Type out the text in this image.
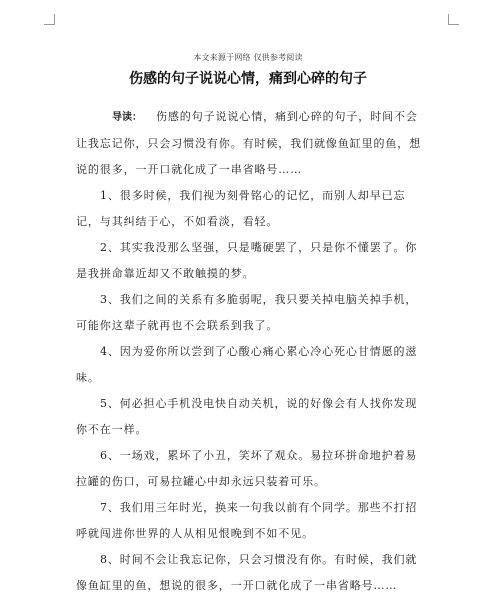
本文来源于网络 仅供参考阅读
伤感的句子说说心情，痛到心碎的句子

导读： 伤感的句子说说心情，痛到心碎的句子，时间不会让我忘记你，只会习惯没有你。有时候，我们就像鱼缸里的鱼，想说的很多，一开口就化成了一串省略号……

1、很多时候，我们视为刻骨铭心的记忆，而别人却早已忘记，与其纠结于心，不如看淡，看轻。

2、其实我没那么坚强，只是嘴硬罢了，只是你不懂罢了。你是我拼命靠近却又不敢触摸的梦。

3、我们之间的关系有多脆弱呢，我只要关掉电脑关掉手机，可能你这辈子就再也不会联系到我了。

4、因为爱你所以尝到了心酸心痛心累心冷心死心甘情愿的滋味。

5、何必担心手机没电快自动关机，说的好像会有人找你发现你不在一样。

6、一场戏，累坏了小丑，笑坏了观众。易拉环拼命地护着易拉罐的伤口，可易拉罐心中却永远只装着可乐。

7、我们用三年时光，换来一句我以前有个同学。那些不打招呼就闯进你世界的人从相见恨晚到不如不见。

8、时间不会让我忘记你，只会习惯没有你。有时候，我们就像鱼缸里的鱼，想说的很多，一开口就化成了一串省略号……
